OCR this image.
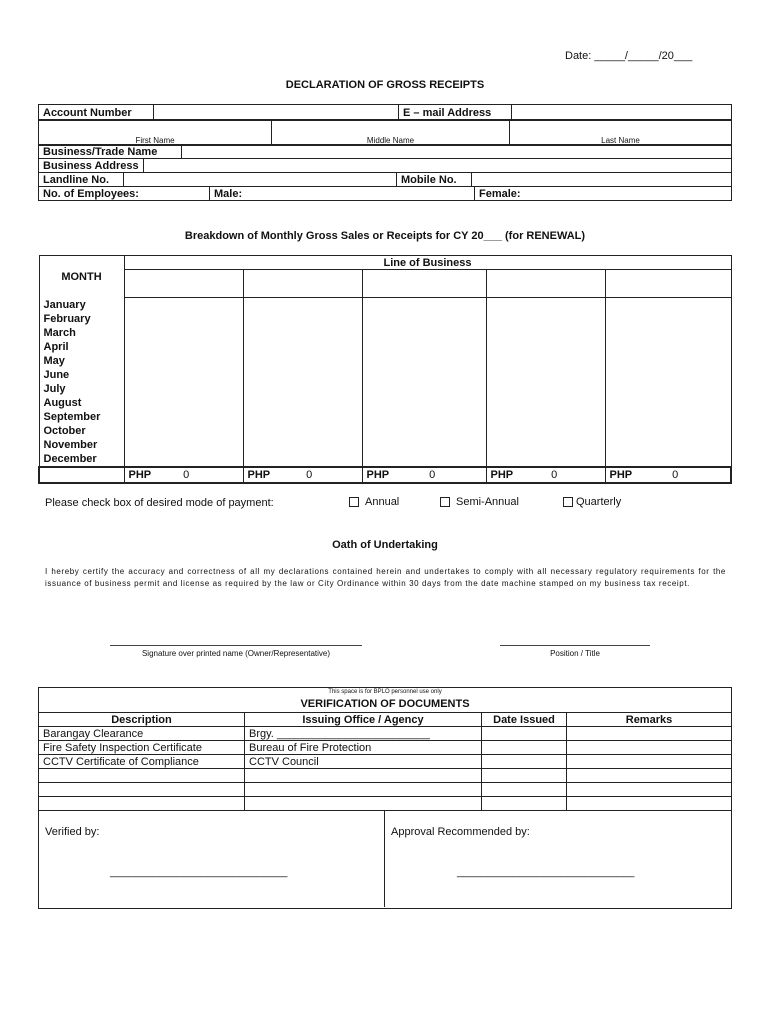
Date: _____/_____/20___
DECLARATION OF GROSS RECEIPTS
Account Number		E – mail Address	
First Name	Middle Name	Last Name
Business/Trade Name	
Business Address	
Landline No.		Mobile No.	
No. of Employees:	Male:	Female:
Breakdown of Monthly Gross Sales or Receipts for CY 20___ (for RENEWAL)
MONTH	Line of Business				

January					
February					
March					
April					
May					
June					
July					
August					
September					
October					
November					
December					
	PHP 0	PHP 0	PHP 0	PHP 0	PHP 0
Please check box of desired mode of payment:	Annual	Semi-Annual	Quarterly
Oath of Undertaking
I hereby certify the accuracy and correctness of all my declarations contained herein and undertakes to comply with all necessary regulatory requirements for the issuance of business permit and license as required by the law or City Ordinance within 30 days from the date machine stamped on my business tax receipt.
Signature over printed name (Owner/Representative)	Position / Title
This space is for BPLO personnel use only
VERIFICATION OF DOCUMENTS
Description	Issuing Office / Agency	Date Issued	Remarks
Barangay Clearance	Brgy. _________________________		
Fire Safety Inspection Certificate	Bureau of Fire Protection		
CCTV Certificate of Compliance	CCTV Council		

Verified by:	Approval Recommended by:
_____________________________	_____________________________
